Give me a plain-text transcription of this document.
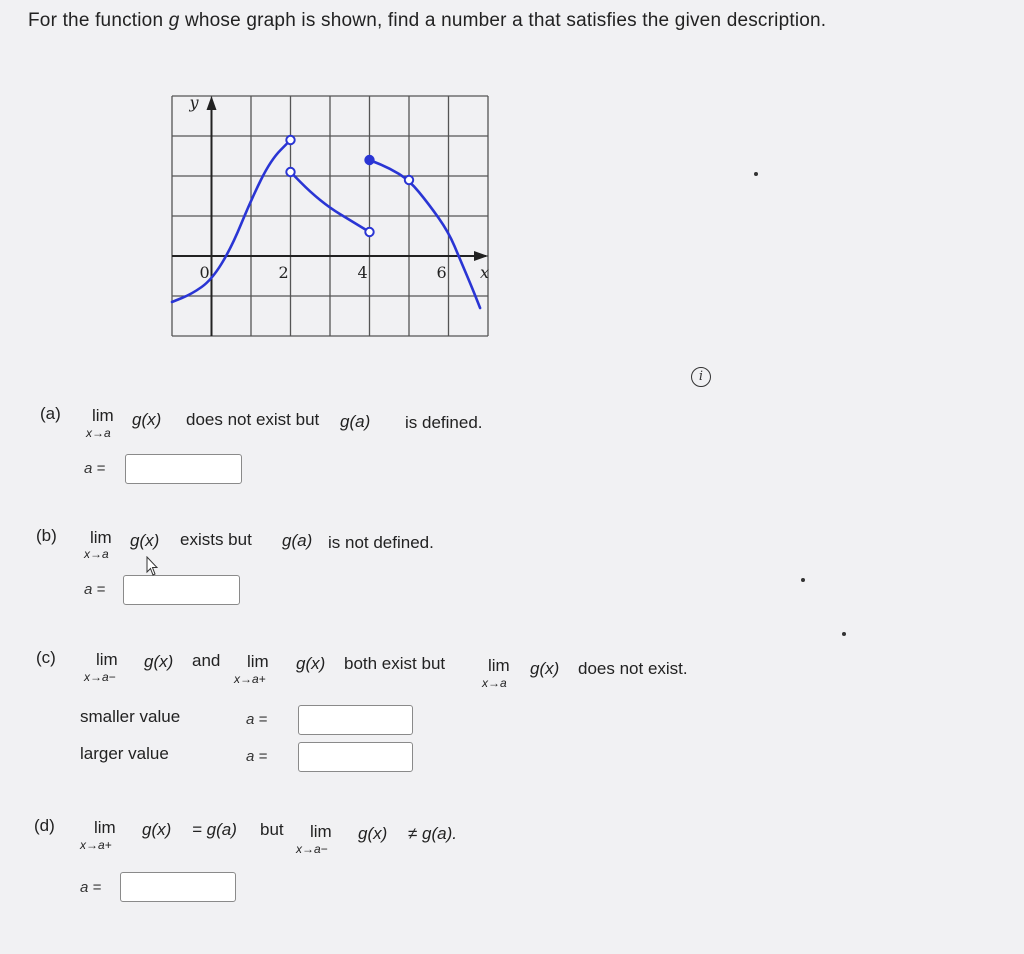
For the function g whose graph is shown, find a number a that satisfies the given description.
0	2	4	6
y
x
i
(a) lim
x→a
g(x) does not exist but g(a) is defined.
a =
(b) lim
x→a
g(x) exists but g(a) is not defined.
a =
(c) lim
x→a−
g(x) and lim
x→a+
g(x) both exist but	lim
x→a
g(x) does not exist.
smaller value	a =
larger value	a =
(d) lim
x→a+
g(x) = g(a) but lim
x→a−
g(x) ≠ g(a).
a =
